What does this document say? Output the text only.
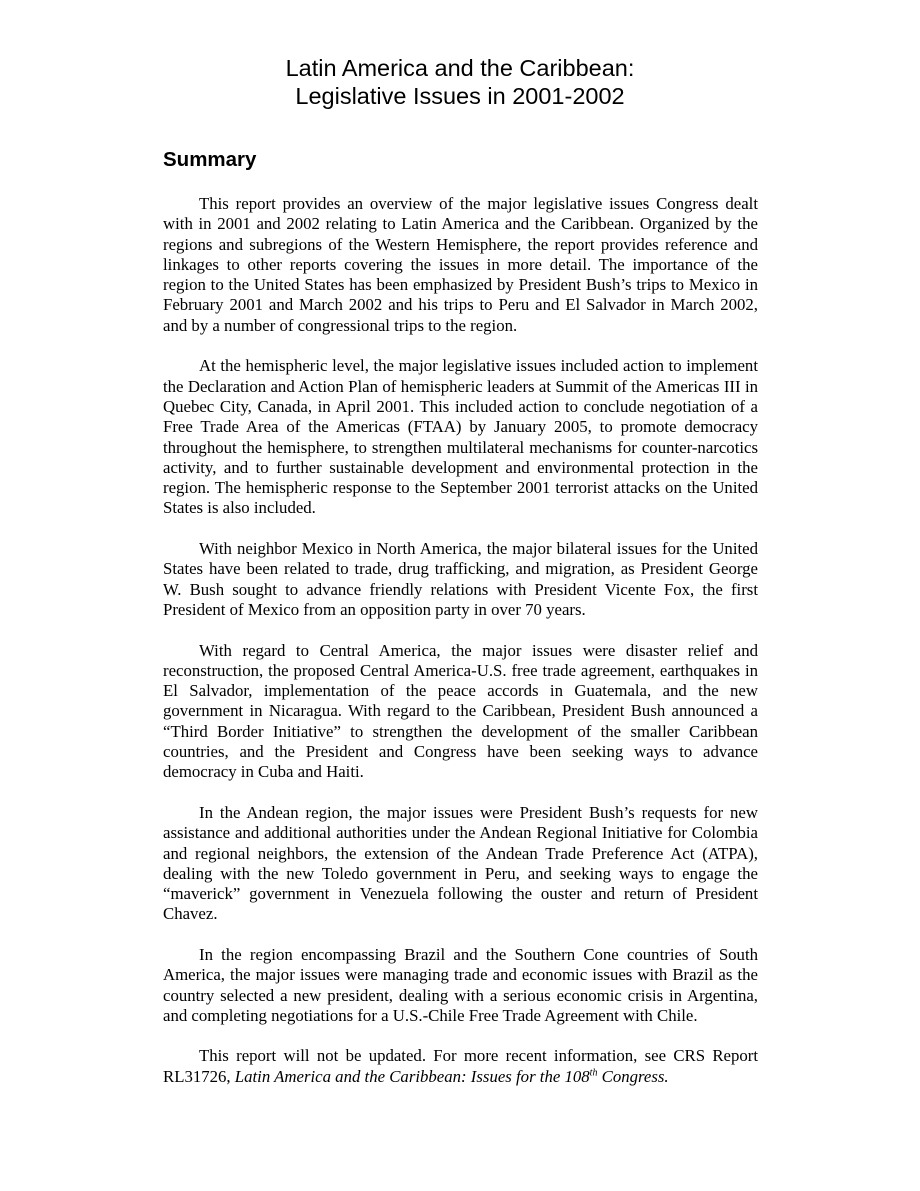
Latin America and the Caribbean:
Legislative Issues in 2001-2002
Summary

This report provides an overview of the major legislative issues Congress dealt with in 2001 and 2002 relating to Latin America and the Caribbean. Organized by the regions and subregions of the Western Hemisphere, the report provides reference and linkages to other reports covering the issues in more detail. The importance of the region to the United States has been emphasized by President Bush’s trips to Mexico in February 2001 and March 2002 and his trips to Peru and El Salvador in March 2002, and by a number of congressional trips to the region.

At the hemispheric level, the major legislative issues included action to implement the Declaration and Action Plan of hemispheric leaders at Summit of the Americas III in Quebec City, Canada, in April 2001. This included action to conclude negotiation of a Free Trade Area of the Americas (FTAA) by January 2005, to promote democracy throughout the hemisphere, to strengthen multilateral mechanisms for counter-narcotics activity, and to further sustainable development and environmental protection in the region. The hemispheric response to the September 2001 terrorist attacks on the United States is also included.

With neighbor Mexico in North America, the major bilateral issues for the United States have been related to trade, drug trafficking, and migration, as President George W. Bush sought to advance friendly relations with President Vicente Fox, the first President of Mexico from an opposition party in over 70 years.

With regard to Central America, the major issues were disaster relief and reconstruction, the proposed Central America-U.S. free trade agreement, earthquakes in El Salvador, implementation of the peace accords in Guatemala, and the new government in Nicaragua. With regard to the Caribbean, President Bush announced a “Third Border Initiative” to strengthen the development of the smaller Caribbean countries, and the President and Congress have been seeking ways to advance democracy in Cuba and Haiti.

In the Andean region, the major issues were President Bush’s requests for new assistance and additional authorities under the Andean Regional Initiative for Colombia and regional neighbors, the extension of the Andean Trade Preference Act (ATPA), dealing with the new Toledo government in Peru, and seeking ways to engage the “maverick” government in Venezuela following the ouster and return of President Chavez.

In the region encompassing Brazil and the Southern Cone countries of South America, the major issues were managing trade and economic issues with Brazil as the country selected a new president, dealing with a serious economic crisis in Argentina, and completing negotiations for a U.S.-Chile Free Trade Agreement with Chile.

This report will not be updated. For more recent information, see CRS Report RL31726, Latin America and the Caribbean: Issues for the 108th Congress.
